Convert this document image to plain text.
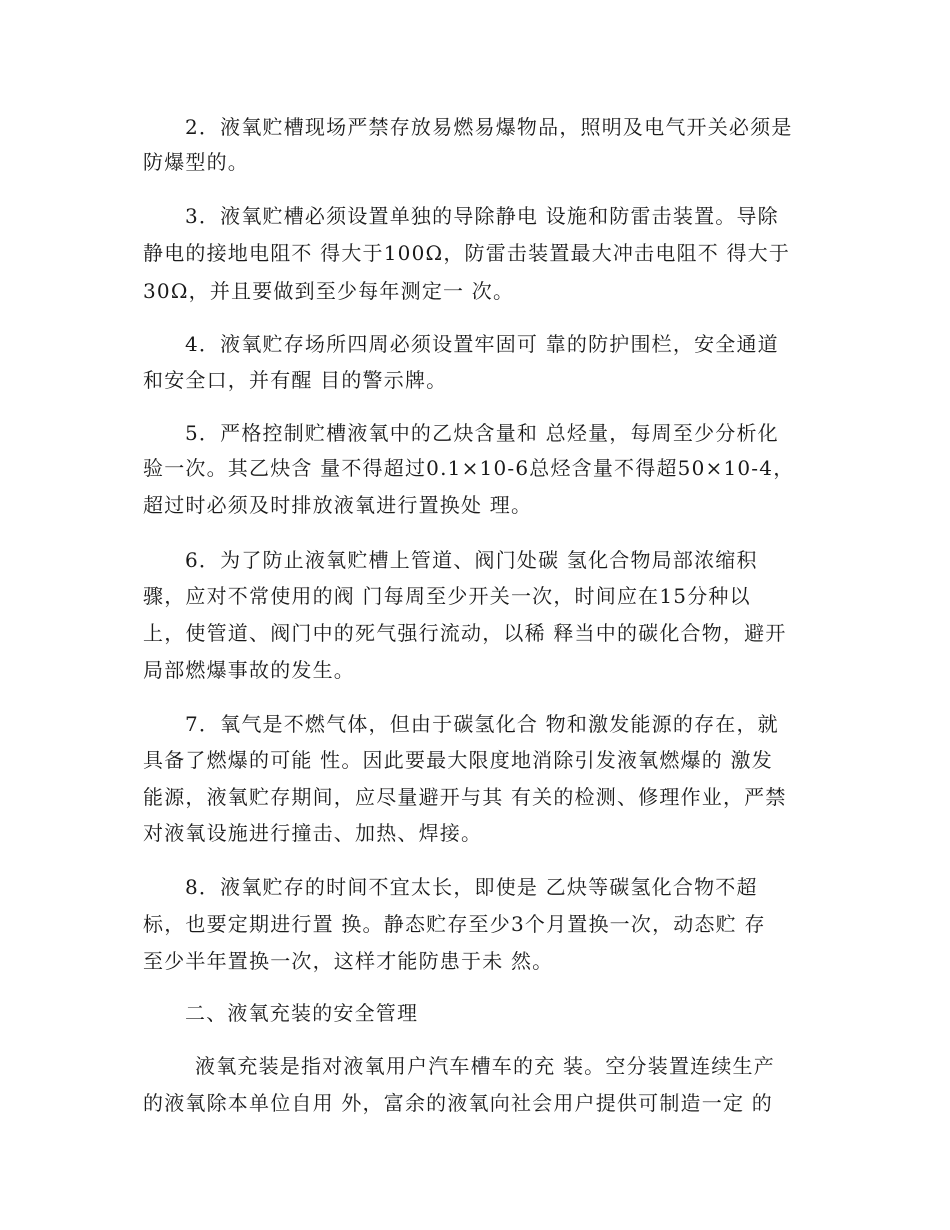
2．液氧贮槽现场严禁存放易燃易爆物品，照明及电气开关必须是
防爆型的。
3．液氧贮槽必须设置单独的导除静电 设施和防雷击装置。导除
静电的接地电阻不 得大于100Ω，防雷击装置最大冲击电阻不 得大于
30Ω，并且要做到至少每年测定一 次。
4．液氧贮存场所四周必须设置牢固可 靠的防护围栏，安全通道
和安全口，并有醒 目的警示牌。
5．严格控制贮槽液氧中的乙炔含量和 总烃量，每周至少分析化
验一次。其乙炔含 量不得超过0.1×10-6总烃含量不得超50×10-4，
超过时必须及时排放液氧进行置换处 理。
6．为了防止液氧贮槽上管道、阀门处碳 氢化合物局部浓缩积
骤，应对不常使用的阀 门每周至少开关一次，时间应在15分种以
上，使管道、阀门中的死气强行流动，以稀 释当中的碳化合物，避开
局部燃爆事故的发生。
7．氧气是不燃气体，但由于碳氢化合 物和激发能源的存在，就
具备了燃爆的可能 性。因此要最大限度地消除引发液氧燃爆的 激发
能源，液氧贮存期间，应尽量避开与其 有关的检测、修理作业，严禁
对液氧设施进行撞击、加热、焊接。
8．液氧贮存的时间不宜太长，即使是 乙炔等碳氢化合物不超
标，也要定期进行置 换。静态贮存至少3个月置换一次，动态贮 存
至少半年置换一次，这样才能防患于未 然。
二、液氧充装的安全管理
液氧充装是指对液氧用户汽车槽车的充 装。空分装置连续生产
的液氧除本单位自用 外，富余的液氧向社会用户提供可制造一定 的
